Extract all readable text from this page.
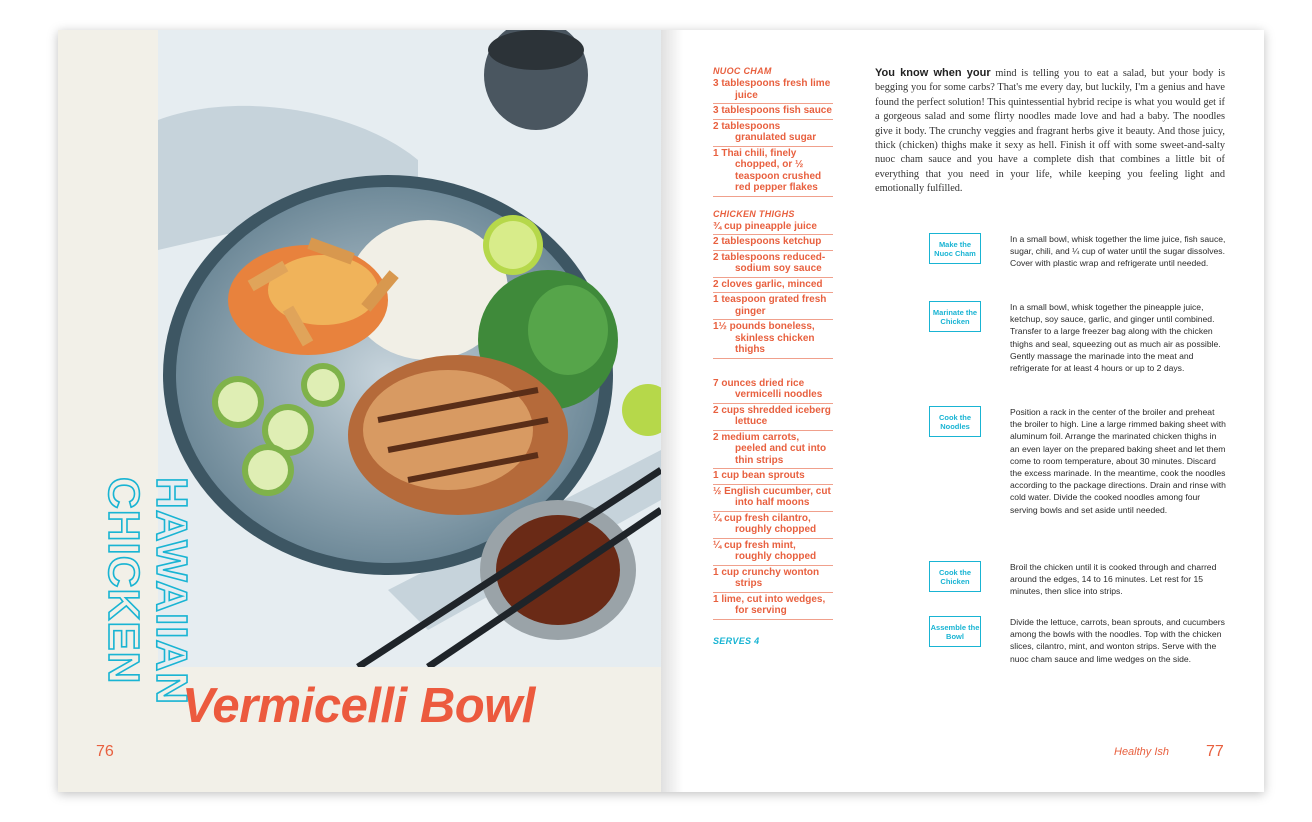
HAWAIIAN
CHICKEN
Vermicelli Bowl
76
NUOC CHAM
3 tablespoons fresh lime juice
3 tablespoons fish sauce
2 tablespoons granulated sugar
1 Thai chili, finely chopped, or ½ teaspoon crushed red pepper flakes
CHICKEN THIGHS
¾ cup pineapple juice
2 tablespoons ketchup
2 tablespoons reduced-sodium soy sauce
2 cloves garlic, minced
1 teaspoon grated fresh ginger
1½ pounds boneless, skinless chicken thighs
7 ounces dried rice vermicelli noodles
2 cups shredded iceberg lettuce
2 medium carrots, peeled and cut into thin strips
1 cup bean sprouts
½ English cucumber, cut into half moons
¼ cup fresh cilantro, roughly chopped
¼ cup fresh mint, roughly chopped
1 cup crunchy wonton strips
1 lime, cut into wedges, for serving
SERVES 4
You know when your mind is telling you to eat a salad, but your body is begging you for some carbs? That's me every day, but luckily, I'm a genius and have found the perfect solution! This quintessential hybrid recipe is what you would get if a gorgeous salad and some flirty noodles made love and had a baby. The noodles give it body. The crunchy veggies and fragrant herbs give it beauty. And those juicy, thick (chicken) thighs make it sexy as hell. Finish it off with some sweet-and-salty nuoc cham sauce and you have a complete dish that combines a little bit of everything that you need in your life, while keeping you feeling light and emotionally fulfilled.
Make the Nuoc Cham
In a small bowl, whisk together the lime juice, fish sauce, sugar, chili, and ¼ cup of water until the sugar dissolves. Cover with plastic wrap and refrigerate until needed.
Marinate the Chicken
In a small bowl, whisk together the pineapple juice, ketchup, soy sauce, garlic, and ginger until combined. Transfer to a large freezer bag along with the chicken thighs and seal, squeezing out as much air as possible. Gently massage the marinade into the meat and refrigerate for at least 4 hours or up to 2 days.
Cook the Noodles
Position a rack in the center of the broiler and preheat the broiler to high. Line a large rimmed baking sheet with aluminum foil. Arrange the marinated chicken thighs in an even layer on the prepared baking sheet and let them come to room temperature, about 30 minutes. Discard the excess marinade. In the meantime, cook the noodles according to the package directions. Drain and rinse with cold water. Divide the cooked noodles among four serving bowls and set aside until needed.
Cook the Chicken
Broil the chicken until it is cooked through and charred around the edges, 14 to 16 minutes. Let rest for 15 minutes, then slice into strips.
Assemble the Bowl
Divide the lettuce, carrots, bean sprouts, and cucumbers among the bowls with the noodles. Top with the chicken slices, cilantro, mint, and wonton strips. Serve with the nuoc cham sauce and lime wedges on the side.
Healthy Ish 77
